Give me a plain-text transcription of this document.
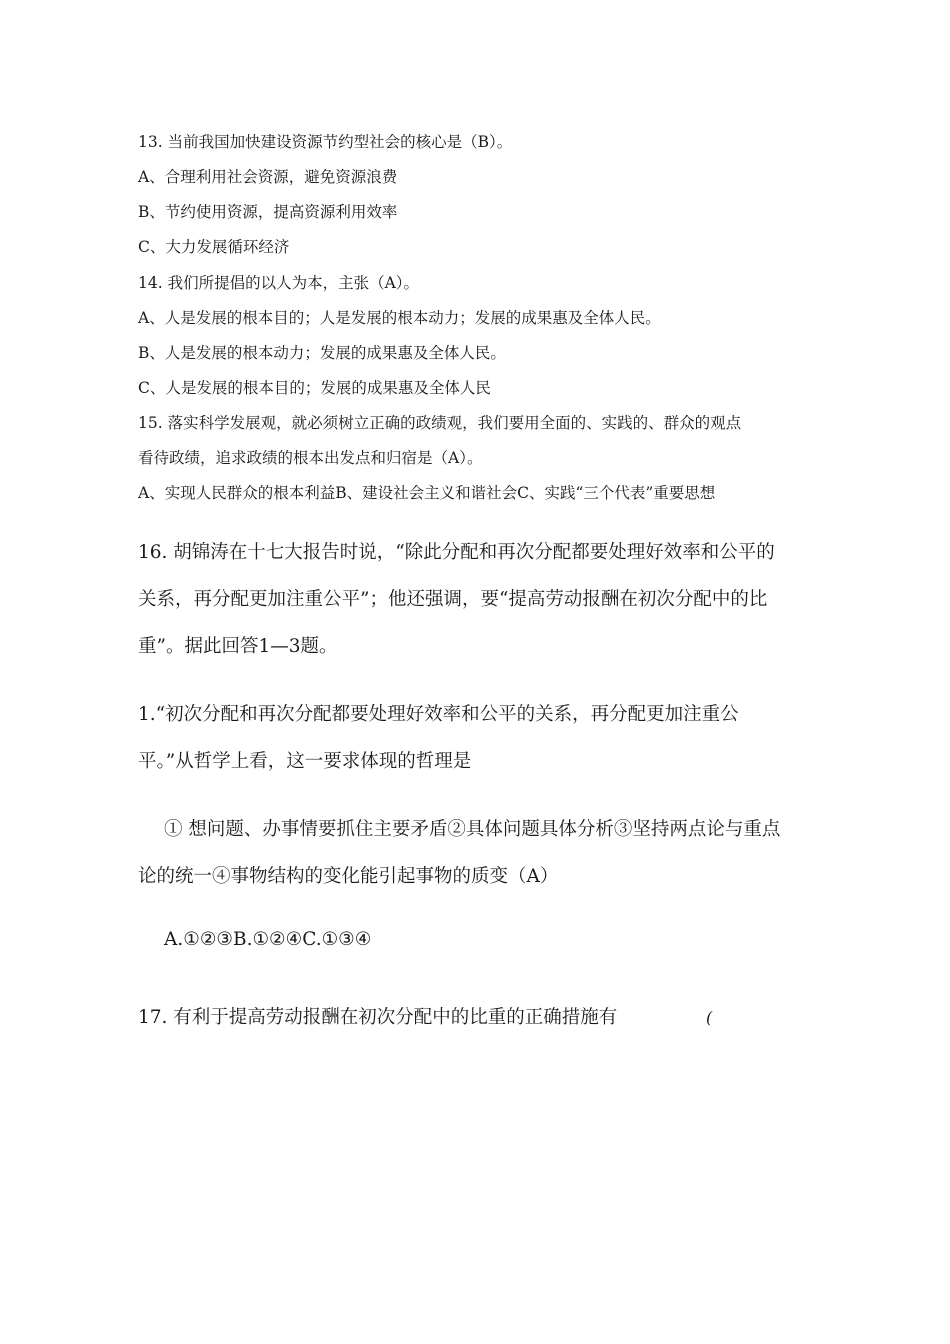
13. 当前我国加快建设资源节约型社会的核心是（B）。

A、合理利用社会资源，避免资源浪费

B、节约使用资源，提高资源利用效率

C、大力发展循环经济

14. 我们所提倡的以人为本，主张（A）。

A、人是发展的根本目的；人是发展的根本动力；发展的成果惠及全体人民。

B、人是发展的根本动力；发展的成果惠及全体人民。

C、人是发展的根本目的；发展的成果惠及全体人民

15. 落实科学发展观，就必须树立正确的政绩观，我们要用全面的、实践的、群众的观点

看待政绩，追求政绩的根本出发点和归宿是（A）。

A、实现人民群众的根本利益B、建设社会主义和谐社会C、实践“三个代表”重要思想

16. 胡锦涛在十七大报告时说，“除此分配和再次分配都要处理好效率和公平的

关系，再分配更加注重公平”；他还强调，要“提高劳动报酬在初次分配中的比

重”。据此回答1—3题。

1.“初次分配和再次分配都要处理好效率和公平的关系，再分配更加注重公

平。”从哲学上看，这一要求体现的哲理是

① 想问题、办事情要抓住主要矛盾②具体问题具体分析③坚持两点论与重点

论的统一④事物结构的变化能引起事物的质变（A）

A.①②③B.①②④C.①③④

17. 有利于提高劳动报酬在初次分配中的比重的正确措施有	(
